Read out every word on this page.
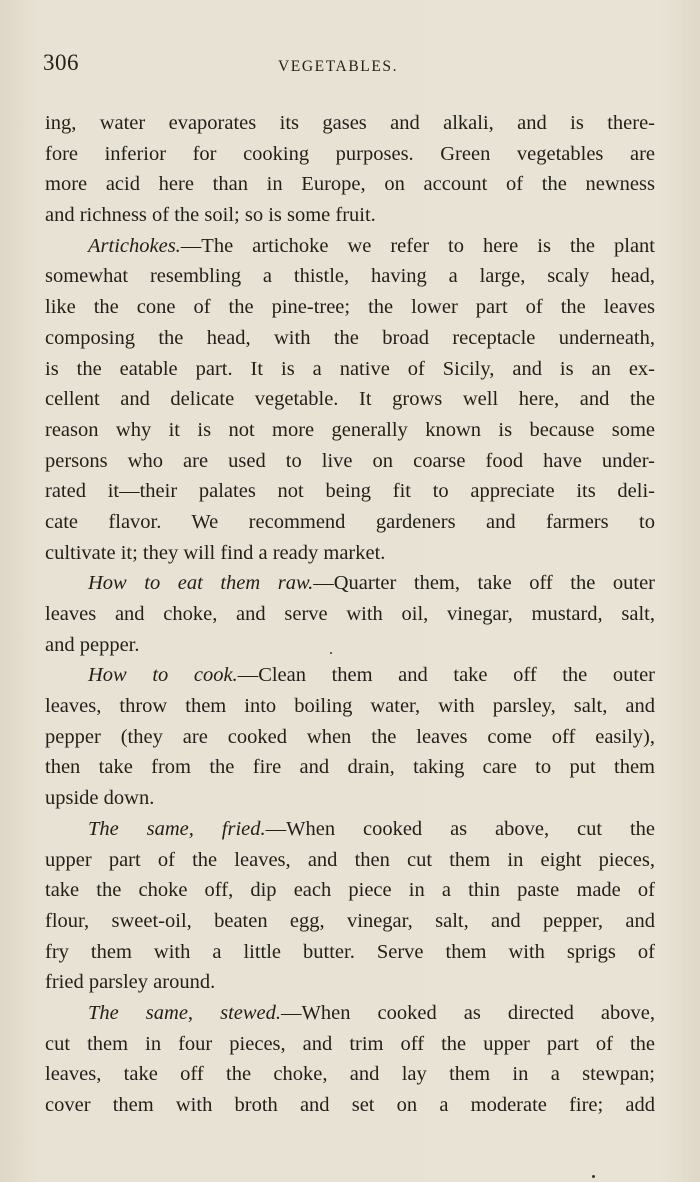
306	VEGETABLES.
ing, water evaporates its gases and alkali, and is there-
fore inferior for cooking purposes. Green vegetables are
more acid here than in Europe, on account of the newness
and richness of the soil; so is some fruit.
Artichokes.—The artichoke we refer to here is the plant
somewhat resembling a thistle, having a large, scaly head,
like the cone of the pine-tree; the lower part of the leaves
composing the head, with the broad receptacle underneath,
is the eatable part. It is a native of Sicily, and is an ex-
cellent and delicate vegetable. It grows well here, and the
reason why it is not more generally known is because some
persons who are used to live on coarse food have under-
rated it—their palates not being fit to appreciate its deli-
cate flavor. We recommend gardeners and farmers to
cultivate it; they will find a ready market.
How to eat them raw.—Quarter them, take off the outer
leaves and choke, and serve with oil, vinegar, mustard, salt,
and pepper.
How to cook.—Clean them and take off the outer
leaves, throw them into boiling water, with parsley, salt, and
pepper (they are cooked when the leaves come off easily),
then take from the fire and drain, taking care to put them
upside down.
The same, fried.—When cooked as above, cut the
upper part of the leaves, and then cut them in eight pieces,
take the choke off, dip each piece in a thin paste made of
flour, sweet-oil, beaten egg, vinegar, salt, and pepper, and
fry them with a little butter. Serve them with sprigs of
fried parsley around.
The same, stewed.—When cooked as directed above,
cut them in four pieces, and trim off the upper part of the
leaves, take off the choke, and lay them in a stewpan;
cover them with broth and set on a moderate fire; add
